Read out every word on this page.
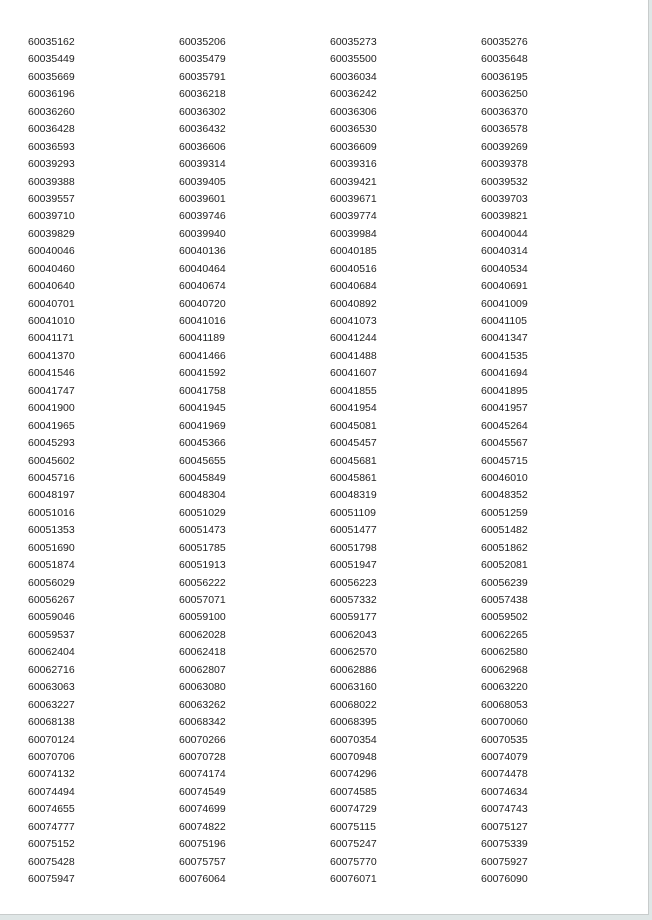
60035162	60035206	60035273	60035276
60035449	60035479	60035500	60035648
60035669	60035791	60036034	60036195
60036196	60036218	60036242	60036250
60036260	60036302	60036306	60036370
60036428	60036432	60036530	60036578
60036593	60036606	60036609	60039269
60039293	60039314	60039316	60039378
60039388	60039405	60039421	60039532
60039557	60039601	60039671	60039703
60039710	60039746	60039774	60039821
60039829	60039940	60039984	60040044
60040046	60040136	60040185	60040314
60040460	60040464	60040516	60040534
60040640	60040674	60040684	60040691
60040701	60040720	60040892	60041009
60041010	60041016	60041073	60041105
60041171	60041189	60041244	60041347
60041370	60041466	60041488	60041535
60041546	60041592	60041607	60041694
60041747	60041758	60041855	60041895
60041900	60041945	60041954	60041957
60041965	60041969	60045081	60045264
60045293	60045366	60045457	60045567
60045602	60045655	60045681	60045715
60045716	60045849	60045861	60046010
60048197	60048304	60048319	60048352
60051016	60051029	60051109	60051259
60051353	60051473	60051477	60051482
60051690	60051785	60051798	60051862
60051874	60051913	60051947	60052081
60056029	60056222	60056223	60056239
60056267	60057071	60057332	60057438
60059046	60059100	60059177	60059502
60059537	60062028	60062043	60062265
60062404	60062418	60062570	60062580
60062716	60062807	60062886	60062968
60063063	60063080	60063160	60063220
60063227	60063262	60068022	60068053
60068138	60068342	60068395	60070060
60070124	60070266	60070354	60070535
60070706	60070728	60070948	60074079
60074132	60074174	60074296	60074478
60074494	60074549	60074585	60074634
60074655	60074699	60074729	60074743
60074777	60074822	60075115	60075127
60075152	60075196	60075247	60075339
60075428	60075757	60075770	60075927
60075947	60076064	60076071	60076090
